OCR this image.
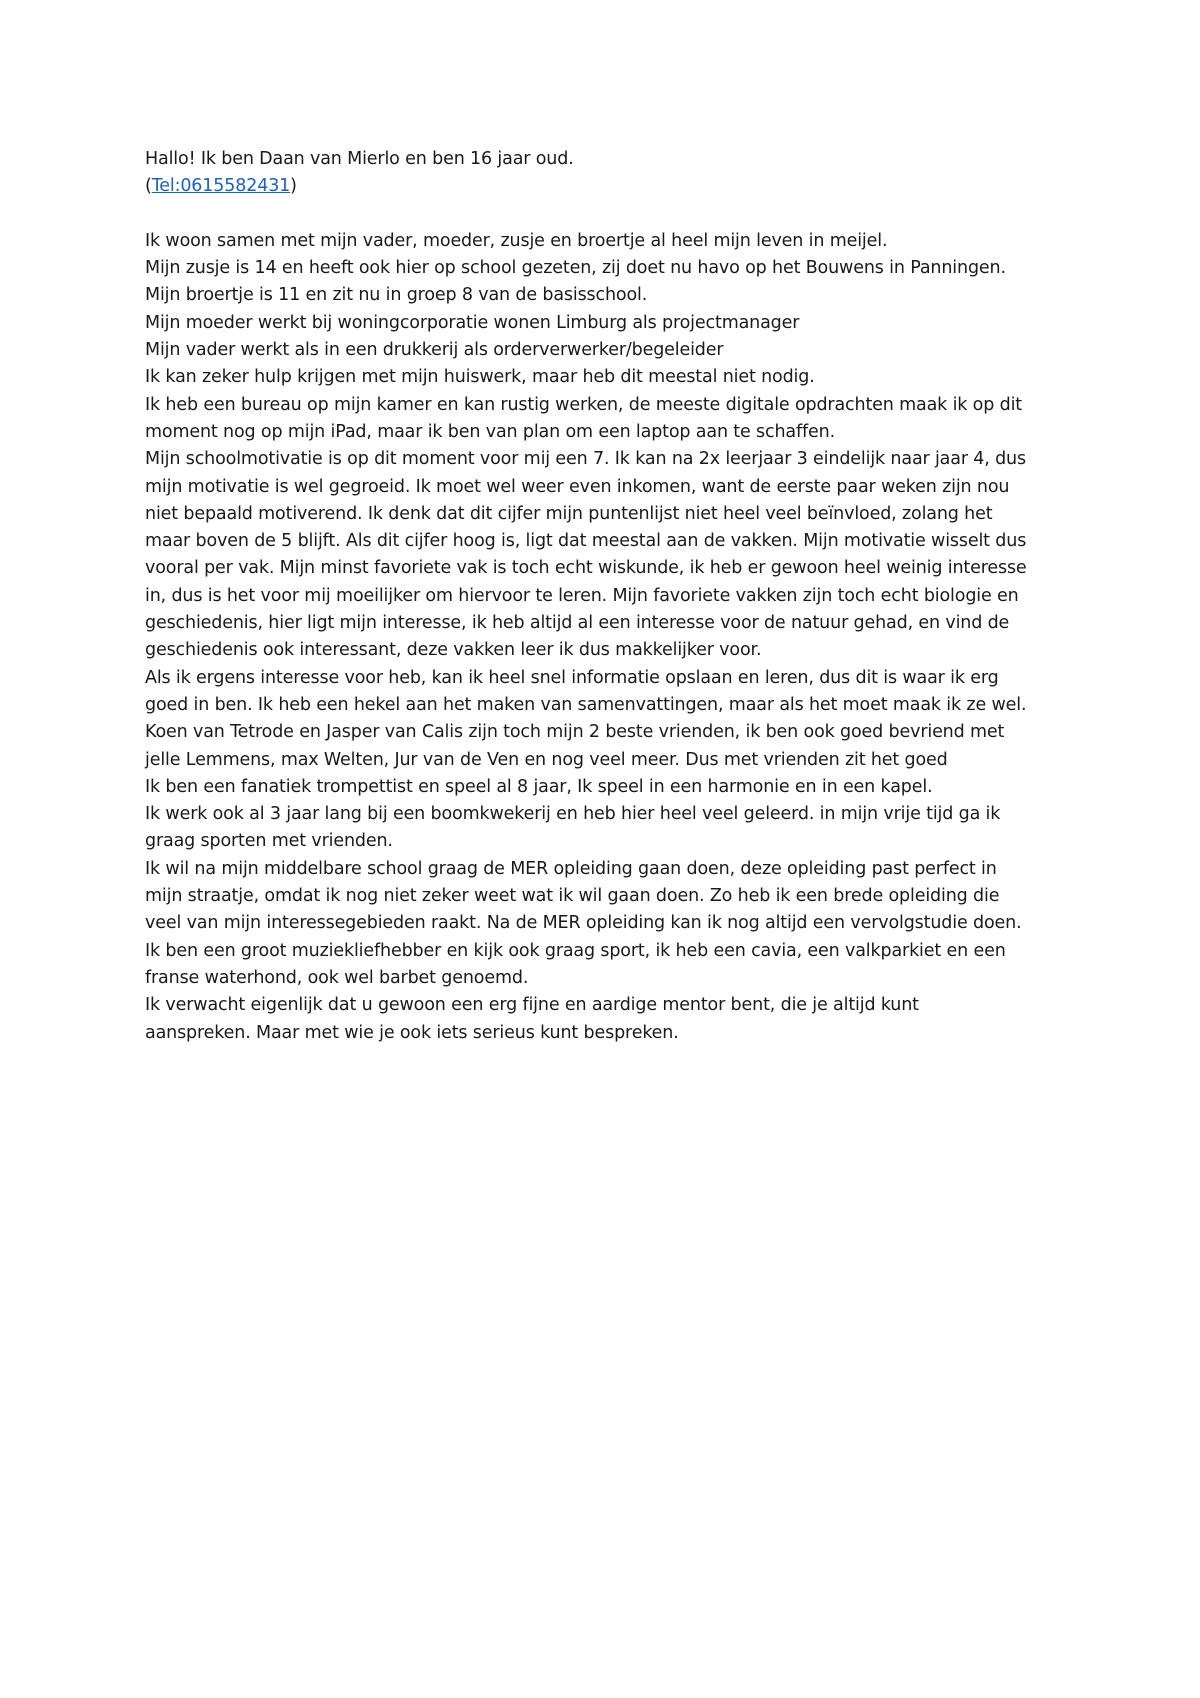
Hallo! Ik ben Daan van Mierlo en ben 16 jaar oud.
(Tel:0615582431)
Ik woon samen met mijn vader, moeder, zusje en broertje al heel mijn leven in meijel.
Mijn zusje is 14 en heeft ook hier op school gezeten, zij doet nu havo op het Bouwens in Panningen.
Mijn broertje is 11 en zit nu in groep 8 van de basisschool.
Mijn moeder werkt bij woningcorporatie wonen Limburg als projectmanager
Mijn vader werkt als in een drukkerij als orderverwerker/begeleider
Ik kan zeker hulp krijgen met mijn huiswerk, maar heb dit meestal niet nodig.
Ik heb een bureau op mijn kamer en kan rustig werken, de meeste digitale opdrachten maak ik op dit
moment nog op mijn iPad, maar ik ben van plan om een laptop aan te schaffen.
Mijn schoolmotivatie is op dit moment voor mij een 7. Ik kan na 2x leerjaar 3 eindelijk naar jaar 4, dus
mijn motivatie is wel gegroeid. Ik moet wel weer even inkomen, want de eerste paar weken zijn nou
niet bepaald motiverend. Ik denk dat dit cijfer mijn puntenlijst niet heel veel beïnvloed, zolang het
maar boven de 5 blijft. Als dit cijfer hoog is, ligt dat meestal aan de vakken. Mijn motivatie wisselt dus
vooral per vak. Mijn minst favoriete vak is toch echt wiskunde, ik heb er gewoon heel weinig interesse
in, dus is het voor mij moeilijker om hiervoor te leren. Mijn favoriete vakken zijn toch echt biologie en
geschiedenis, hier ligt mijn interesse, ik heb altijd al een interesse voor de natuur gehad, en vind de
geschiedenis ook interessant, deze vakken leer ik dus makkelijker voor.
Als ik ergens interesse voor heb, kan ik heel snel informatie opslaan en leren, dus dit is waar ik erg
goed in ben. Ik heb een hekel aan het maken van samenvattingen, maar als het moet maak ik ze wel.
Koen van Tetrode en Jasper van Calis zijn toch mijn 2 beste vrienden, ik ben ook goed bevriend met
jelle Lemmens, max Welten, Jur van de Ven en nog veel meer. Dus met vrienden zit het goed
Ik ben een fanatiek trompettist en speel al 8 jaar, Ik speel in een harmonie en in een kapel.
Ik werk ook al 3 jaar lang bij een boomkwekerij en heb hier heel veel geleerd. in mijn vrije tijd ga ik
graag sporten met vrienden.
Ik wil na mijn middelbare school graag de MER opleiding gaan doen, deze opleiding past perfect in
mijn straatje, omdat ik nog niet zeker weet wat ik wil gaan doen. Zo heb ik een brede opleiding die
veel van mijn interessegebieden raakt. Na de MER opleiding kan ik nog altijd een vervolgstudie doen.
Ik ben een groot muziekliefhebber en kijk ook graag sport, ik heb een cavia, een valkparkiet en een
franse waterhond, ook wel barbet genoemd.
Ik verwacht eigenlijk dat u gewoon een erg fijne en aardige mentor bent, die je altijd kunt
aanspreken. Maar met wie je ook iets serieus kunt bespreken.
